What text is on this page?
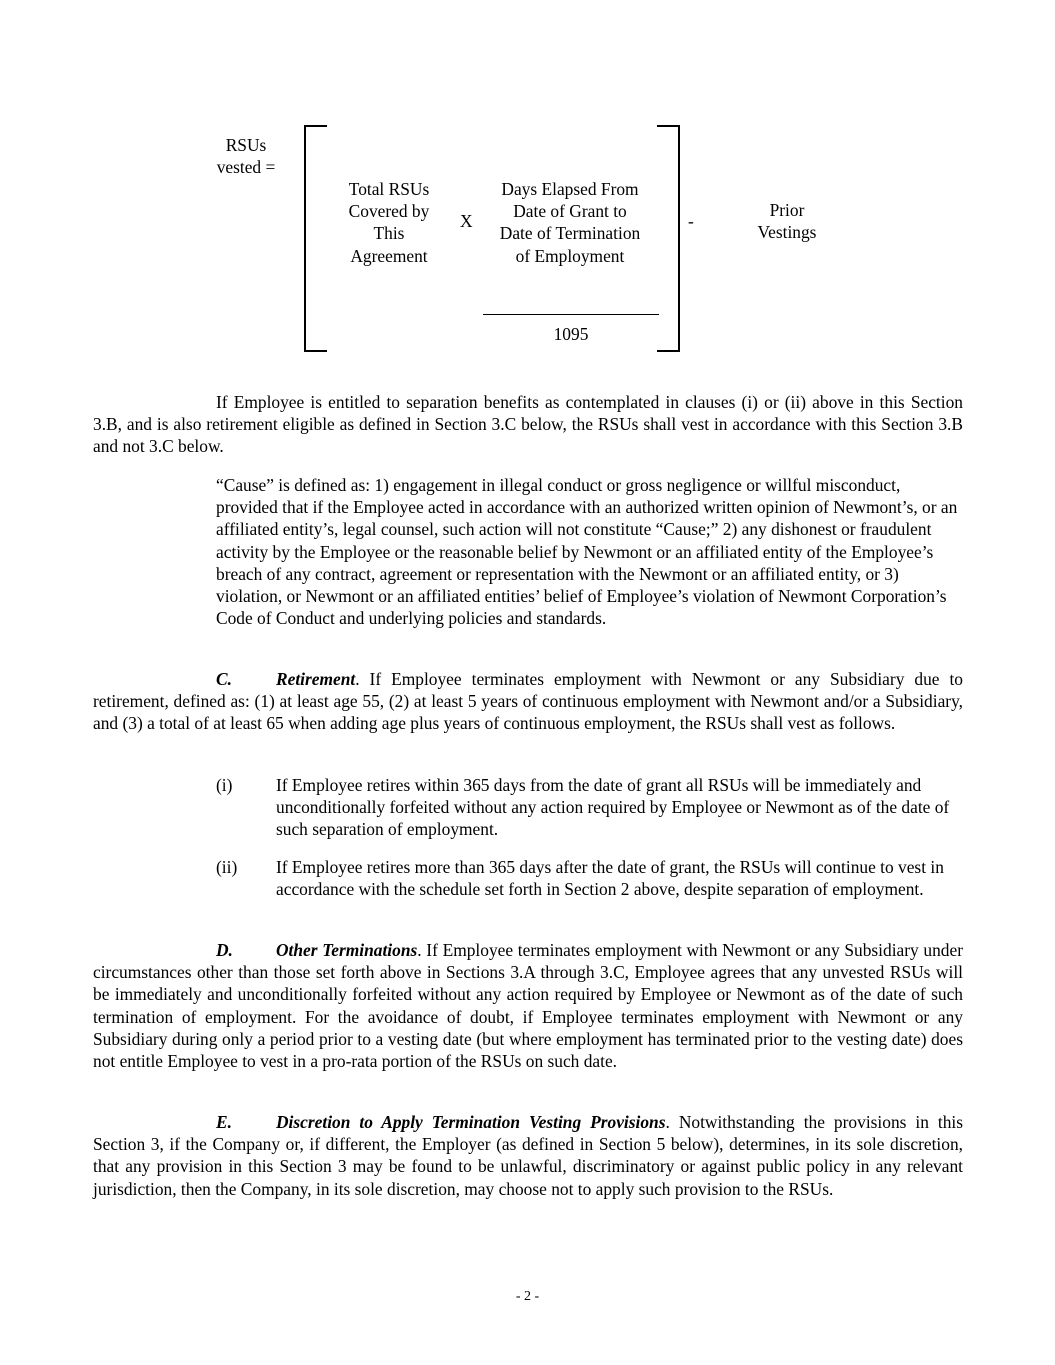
RSUs
vested =
Total RSUs
Covered by
This
Agreement
X
Days Elapsed From
Date of Grant to
Date of Termination
of Employment
1095
-
Prior
Vestings
If Employee is entitled to separation benefits as contemplated in clauses (i) or (ii) above in this Section 3.B, and is also retirement eligible as defined in Section 3.C below, the RSUs shall vest in accordance with this Section 3.B and not 3.C below.
“Cause” is defined as: 1) engagement in illegal conduct or gross negligence or willful misconduct, provided that if the Employee acted in accordance with an authorized written opinion of Newmont’s, or an affiliated entity’s, legal counsel, such action will not constitute “Cause;” 2) any dishonest or fraudulent activity by the Employee or the reasonable belief by Newmont or an affiliated entity of the Employee’s breach of any contract, agreement or representation with the Newmont or an affiliated entity, or 3) violation, or Newmont or an affiliated entities’ belief of Employee’s violation of Newmont Corporation’s Code of Conduct and underlying policies and standards.
C.	Retirement. If Employee terminates employment with Newmont or any Subsidiary due to retirement, defined as: (1) at least age 55, (2) at least 5 years of continuous employment with Newmont and/or a Subsidiary, and (3) a total of at least 65 when adding age plus years of continuous employment, the RSUs shall vest as follows.
(i)	If Employee retires within 365 days from the date of grant all RSUs will be immediately and unconditionally forfeited without any action required by Employee or Newmont as of the date of such separation of employment.
(ii) If Employee retires more than 365 days after the date of grant, the RSUs will continue to vest in accordance with the schedule set forth in Section 2 above, despite separation of employment.
D. Other Terminations. If Employee terminates employment with Newmont or any Subsidiary under circumstances other than those set forth above in Sections 3.A through 3.C, Employee agrees that any unvested RSUs will be immediately and unconditionally forfeited without any action required by Employee or Newmont as of the date of such termination of employment. For the avoidance of doubt, if Employee terminates employment with Newmont or any Subsidiary during only a period prior to a vesting date (but where employment has terminated prior to the vesting date) does not entitle Employee to vest in a pro-rata portion of the RSUs on such date.
E.	Discretion to Apply Termination Vesting Provisions. Notwithstanding the provisions in this Section 3, if the Company or, if different, the Employer (as defined in Section 5 below), determines, in its sole discretion, that any provision in this Section 3 may be found to be unlawful, discriminatory or against public policy in any relevant jurisdiction, then the Company, in its sole discretion, may choose not to apply such provision to the RSUs.
- 2 -
